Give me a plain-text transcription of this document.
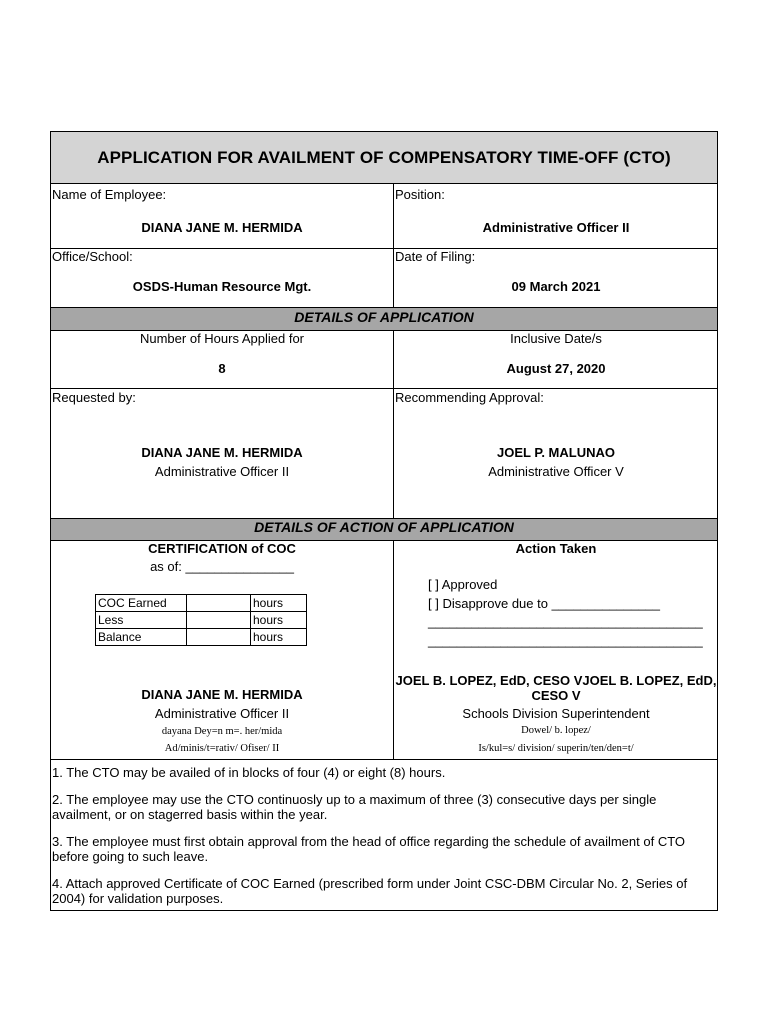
APPLICATION FOR AVAILMENT OF COMPENSATORY TIME-OFF (CTO)
Name of Employee:
DIANA JANE M. HERMIDA
Position:
Administrative Officer II
Office/School:
OSDS-Human Resource Mgt.
Date of Filing:
09 March 2021
DETAILS OF APPLICATION
Number of Hours Applied for
8
Inclusive Date/s
August 27, 2020
Requested by:
DIANA JANE M. HERMIDA
Administrative Officer II
Recommending Approval:
JOEL P. MALUNAO
Administrative Officer V
DETAILS OF ACTION OF APPLICATION
CERTIFICATION of COC
as of: _______________
COC Earned		hours
Less		hours
Balance		hours
DIANA JANE M. HERMIDA
Administrative Officer II
dayana Dey=n m=. her/mida
Ad/minis/t=rativ/ Ofiser/ II
Action Taken
[ ] Approved
[ ] Disapprove due to _______________
______________________________________
______________________________________
JOEL B. LOPEZ, EdD, CESO VJOEL B. LOPEZ, EdD,
CESO V
Schools Division Superintendent
Dowel/ b. lopez/
Is/kul=s/ division/ superin/ten/den=t/
1. The CTO may be availed of in blocks of four (4) or eight (8) hours.
2. The employee may use the CTO continuosly up to a maximum of three (3) consecutive days per single availment, or on stagerred basis within the year.
3. The employee must first obtain approval from the head of office regarding the schedule of availment of CTO before going to such leave.
4. Attach approved Certificate of COC Earned (prescribed form under Joint CSC-DBM Circular No. 2, Series of 2004) for validation purposes.
